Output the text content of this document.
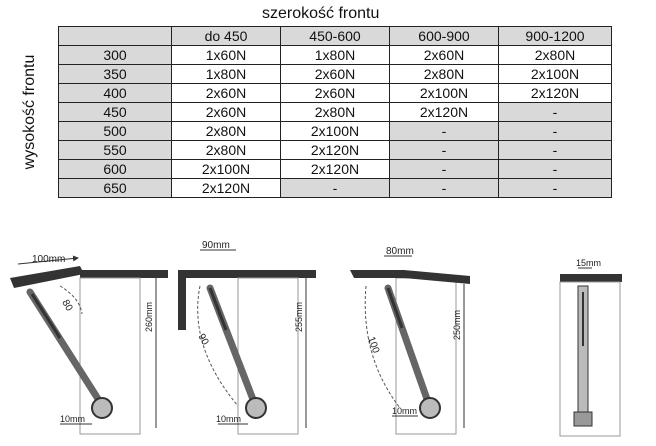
szerokość frontu
wysokość frontu
	do 450	450-600	600-900	900-1200
300	1x60N	1x80N	2x60N	2x80N
350	1x80N	2x60N	2x80N	2x100N
400	2x60N	2x60N	2x100N	2x120N
450	2x60N	2x80N	2x120N	-
500	2x80N	2x100N	-	-
550	2x80N	2x120N	-	-
600	2x100N	2x120N	-	-
650	2x120N	-	-	-
100mm
80	260mm
10mm
90mm
90
255mm
10mm
80mm
100
250mm
10mm
15mm
